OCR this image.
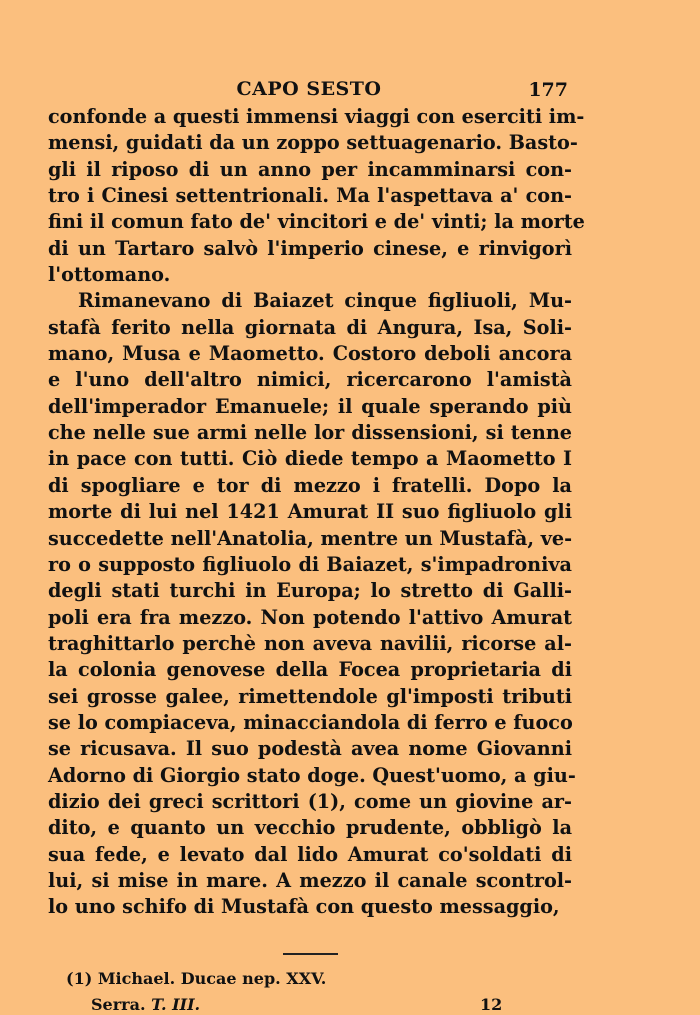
CAPO SESTO	177
confonde a questi immensi viaggi con eserciti im-
mensi, guidati da un zoppo settuagenario. Basto-
gli il riposo di un anno per incamminarsi con-
tro i Cinesi settentrionali. Ma l'aspettava a' con-
fini il comun fato de' vincitori e de' vinti; la morte
di un Tartaro salvò l'imperio cinese, e rinvigorì
l'ottomano.
Rimanevano di Baiazet cinque figliuoli, Mu-
stafà ferito nella giornata di Angura, Isa, Soli-
mano, Musa e Maometto. Costoro deboli ancora
e l'uno dell'altro nimici, ricercarono l'amistà
dell'imperador Emanuele; il quale sperando più
che nelle sue armi nelle lor dissensioni, si tenne
in pace con tutti. Ciò diede tempo a Maometto I
di spogliare e tor di mezzo i fratelli. Dopo la
morte di lui nel 1421 Amurat II suo figliuolo gli
succedette nell'Anatolia, mentre un Mustafà, ve-
ro o supposto figliuolo di Baiazet, s'impadroniva
degli stati turchi in Europa; lo stretto di Galli-
poli era fra mezzo. Non potendo l'attivo Amurat
traghittarlo perchè non aveva navilii, ricorse al-
la colonia genovese della Focea proprietaria di
sei grosse galee, rimettendole gl'imposti tributi
se lo compiaceva, minacciandola di ferro e fuoco
se ricusava. Il suo podestà avea nome Giovanni
Adorno di Giorgio stato doge. Quest'uomo, a giu-
dizio dei greci scrittori (1), come un giovine ar-
dito, e quanto un vecchio prudente, obbligò la
sua fede, e levato dal lido Amurat co'soldati di
lui, si mise in mare. A mezzo il canale scontrol-
lo uno schifo di Mustafà con questo messaggio,
(1) Michael. Ducae nep. XXV.
Serra. T. III.	12
